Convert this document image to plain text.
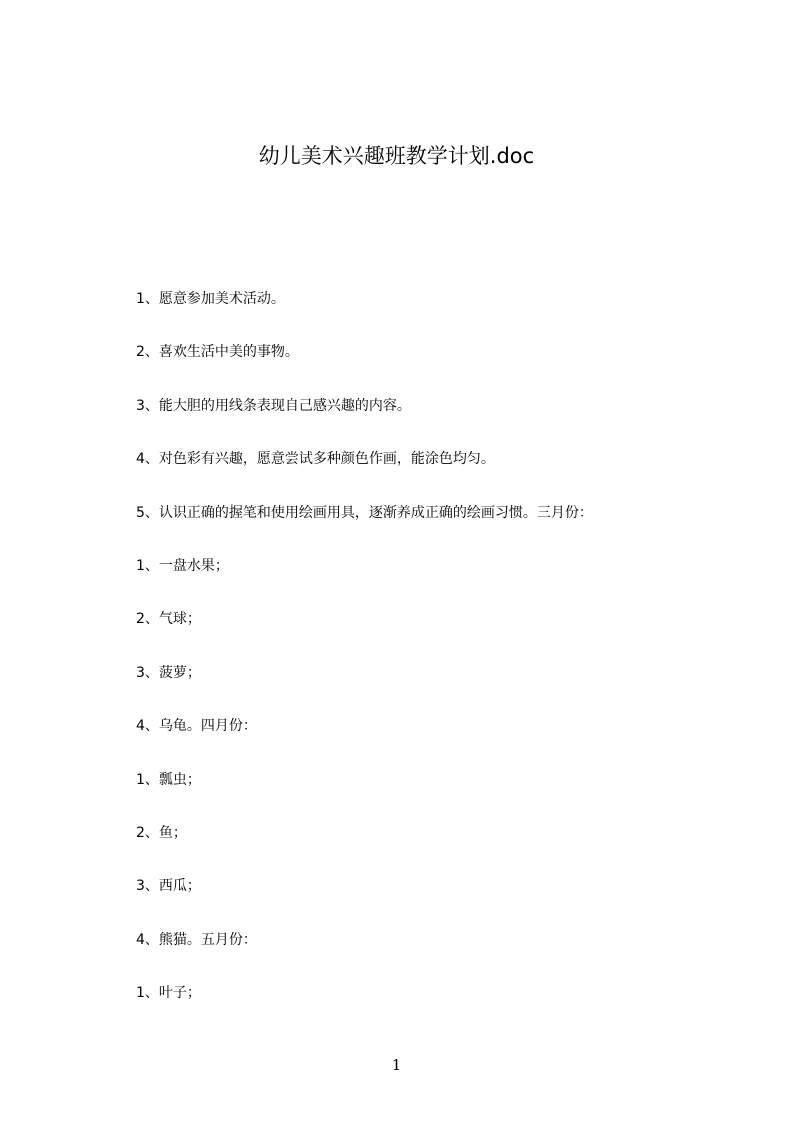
幼儿美术兴趣班教学计划.doc
1、愿意参加美术活动。
2、喜欢生活中美的事物。
3、能大胆的用线条表现自己感兴趣的内容。
4、对色彩有兴趣，愿意尝试多种颜色作画，能涂色均匀。
5、认识正确的握笔和使用绘画用具，逐渐养成正确的绘画习惯。三月份：
1、一盘水果；
2、气球；
3、菠萝；
4、乌龟。四月份：
1、瓢虫；
2、鱼；
3、西瓜；
4、熊猫。五月份：
1、叶子；
1
